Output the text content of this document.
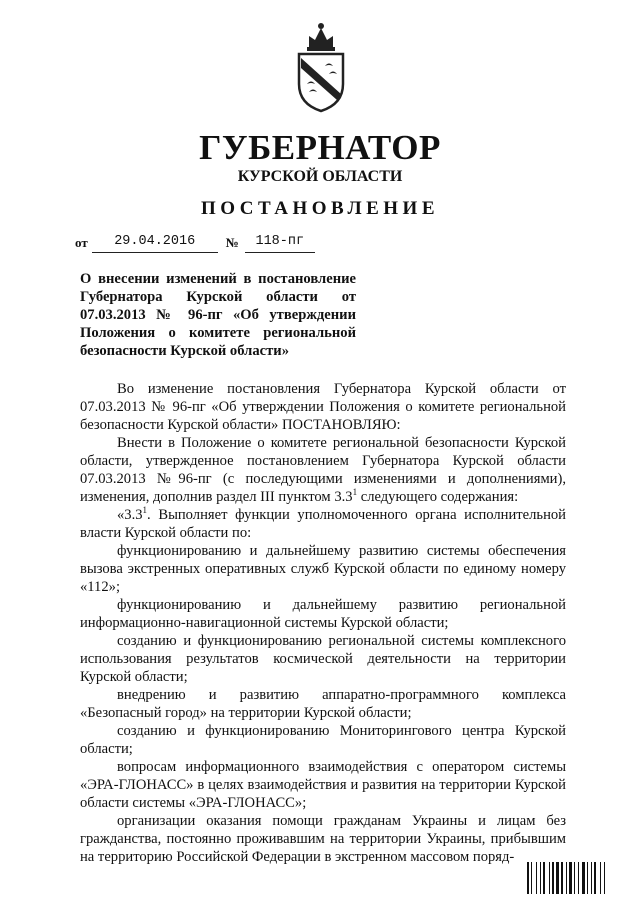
ГУБЕРНАТОР
КУРСКОЙ ОБЛАСТИ
ПОСТАНОВЛЕНИЕ
от	29.04.2016	№	118-пг
О внесении изменений в постановление
Губернатора Курской области от
07.03.2013 № 96-пг «Об утверждении
Положения о комитете региональной
безопасности Курской области»

Во изменение постановления Губернатора Курской области от 07.03.2013 № 96-пг «Об утверждении Положения о комитете региональной безопасности Курской области» ПОСТАНОВЛЯЮ:

Внести в Положение о комитете региональной безопасности Курской области, утвержденное постановлением Губернатора Курской области 07.03.2013 №96-пг (с последующими изменениями и дополнениями), изменения, дополнив раздел III пунктом $3.3^1$ следующего содержания:

«$3.3^1$. Выполняет функции уполномоченного органа исполнительной власти Курской области по:

функционированию и дальнейшему развитию системы обеспечения вызова экстренных оперативных служб Курской области по единому номеру «112»;

функционированию и дальнейшему развитию региональной информационно-навигационной системы Курской области;

созданию и функционированию региональной системы комплексного использования результатов космической деятельности на территории Курской области;

внедрению и развитию аппаратно-программного комплекса «Безопасный город» на территории Курской области;

созданию и функционированию Мониторингового центра Курской области;

вопросам информационного взаимодействия с оператором системы «ЭРА-ГЛОНАСС» в целях взаимодействия и развития на территории Курской области системы «ЭРА-ГЛОНАСС»;

организации оказания помощи гражданам Украины и лицам без гражданства, постоянно проживавшим на территории Украины, прибывшим на территорию Российской Федерации в экстренном массовом поряд-
